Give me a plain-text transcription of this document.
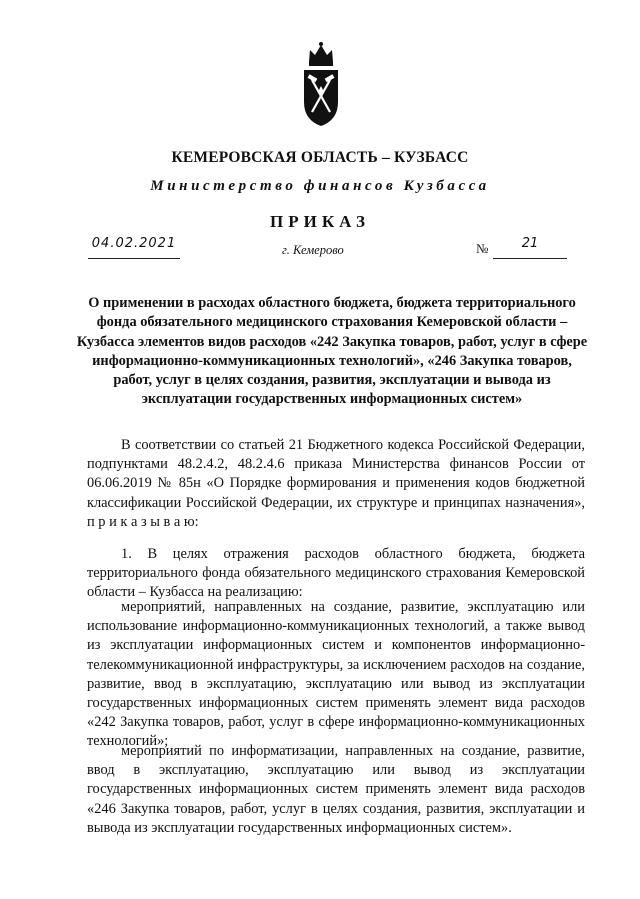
КЕМЕРОВСКАЯ ОБЛАСТЬ – КУЗБАСС
Министерство финансов Кузбасса
ПРИКАЗ
04.02.2021	г. Кемерово	№	21

О применении в расходах областного бюджета, бюджета территориального фонда обязательного медицинского страхования Кемеровской области – Кузбасса элементов видов расходов «242 Закупка товаров, работ, услуг в сфере информационно-коммуникационных технологий», «246 Закупка товаров, работ, услуг в целях создания, развития, эксплуатации и вывода из эксплуатации государственных информационных систем»

В соответствии со статьей 21 Бюджетного кодекса Российской Федерации, подпунктами 48.2.4.2, 48.2.4.6 приказа Министерства финансов России от 06.06.2019 № 85н «О Порядке формирования и применения кодов бюджетной классификации Российской Федерации, их структуре и принципах назначения», п р и к а з ы в а ю:

1. В целях отражения расходов областного бюджета, бюджета территориального фонда обязательного медицинского страхования Кемеровской области – Кузбасса на реализацию:

мероприятий, направленных на создание, развитие, эксплуатацию или использование информационно-коммуникационных технологий, а также вывод из эксплуатации информационных систем и компонентов информационно-телекоммуникационной инфраструктуры, за исключением расходов на создание, развитие, ввод в эксплуатацию, эксплуатацию или вывод из эксплуатации государственных информационных систем применять элемент вида расходов «242 Закупка товаров, работ, услуг в сфере информационно-коммуникационных технологий»;

мероприятий по информатизации, направленных на создание, развитие, ввод в эксплуатацию, эксплуатацию или вывод из эксплуатации государственных информационных систем применять элемент вида расходов «246 Закупка товаров, работ, услуг в целях создания, развития, эксплуатации и вывода из эксплуатации государственных информационных систем».
